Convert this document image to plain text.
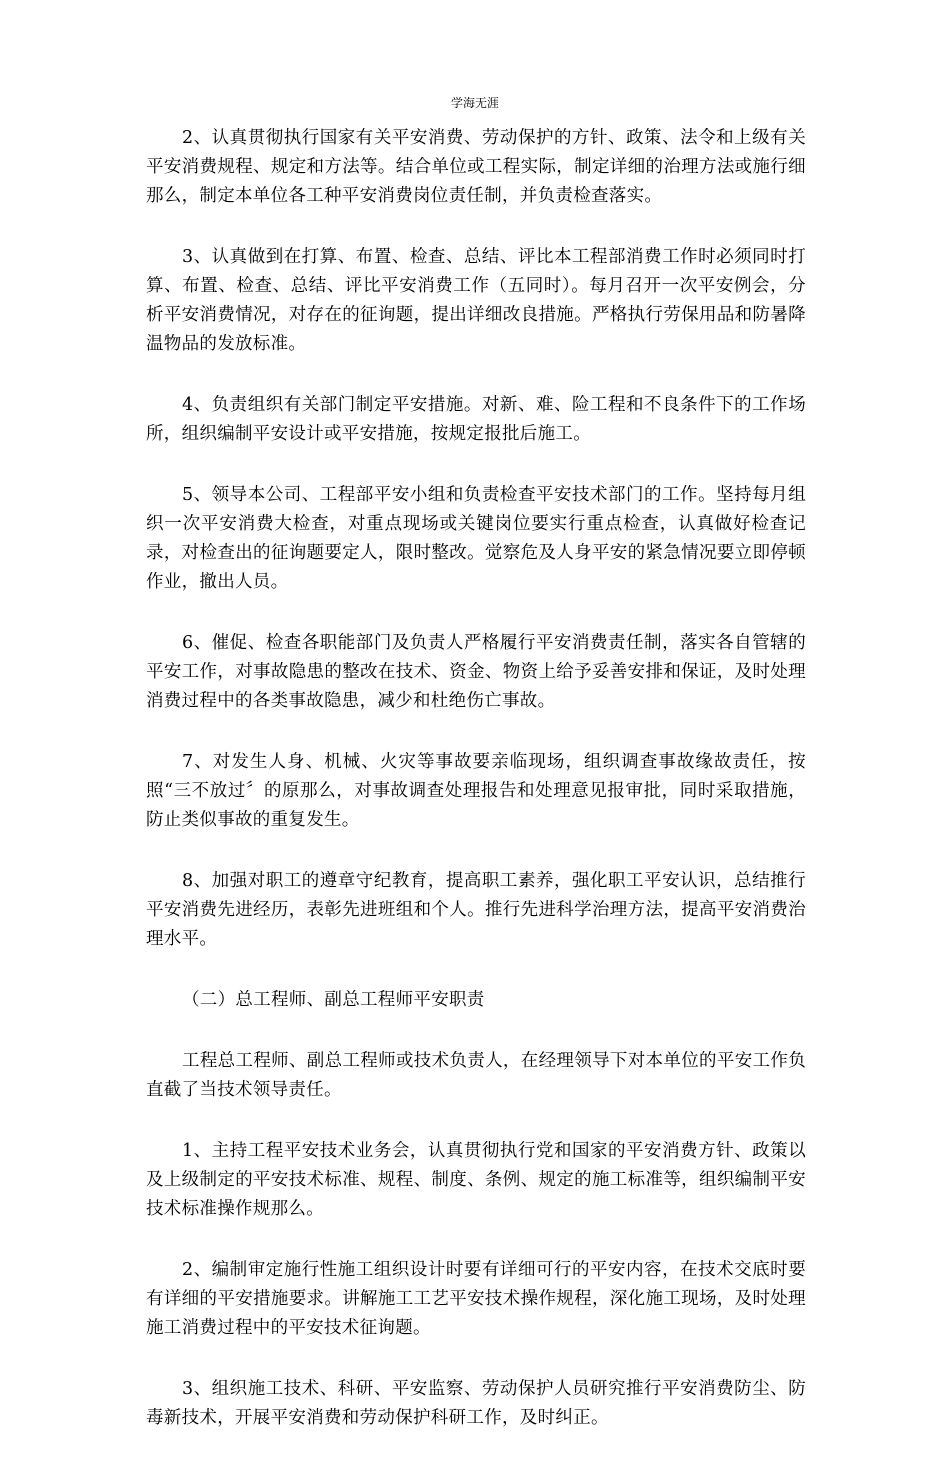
学海无涯

2、认真贯彻执行国家有关平安消费、劳动保护的方针、政策、法令和上级有关平安消费规程、规定和方法等。结合单位或工程实际，制定详细的治理方法或施行细那么，制定本单位各工种平安消费岗位责任制，并负责检查落实。

3、认真做到在打算、布置、检查、总结、评比本工程部消费工作时必须同时打算、布置、检查、总结、评比平安消费工作（五同时）。每月召开一次平安例会，分析平安消费情况，对存在的征询题，提出详细改良措施。严格执行劳保用品和防暑降温物品的发放标准。

4、负责组织有关部门制定平安措施。对新、难、险工程和不良条件下的工作场所，组织编制平安设计或平安措施，按规定报批后施工。

5、领导本公司、工程部平安小组和负责检查平安技术部门的工作。坚持每月组织一次平安消费大检查，对重点现场或关键岗位要实行重点检查，认真做好检查记录，对检查出的征询题要定人，限时整改。觉察危及人身平安的紧急情况要立即停顿作业，撤出人员。

6、催促、检查各职能部门及负责人严格履行平安消费责任制，落实各自管辖的平安工作，对事故隐患的整改在技术、资金、物资上给予妥善安排和保证，及时处理消费过程中的各类事故隐患，减少和杜绝伤亡事故。

7、对发生人身、机械、火灾等事故要亲临现场，组织调查事故缘故责任，按照“三不放过〞的原那么，对事故调查处理报告和处理意见报审批，同时采取措施，防止类似事故的重复发生。

8、加强对职工的遵章守纪教育，提高职工素养，强化职工平安认识，总结推行平安消费先进经历，表彰先进班组和个人。推行先进科学治理方法，提高平安消费治理水平。

（二）总工程师、副总工程师平安职责

工程总工程师、副总工程师或技术负责人，在经理领导下对本单位的平安工作负直截了当技术领导责任。

1、主持工程平安技术业务会，认真贯彻执行党和国家的平安消费方针、政策以及上级制定的平安技术标准、规程、制度、条例、规定的施工标准等，组织编制平安技术标准操作规那么。

2、编制审定施行性施工组织设计时要有详细可行的平安内容，在技术交底时要有详细的平安措施要求。讲解施工工艺平安技术操作规程，深化施工现场，及时处理施工消费过程中的平安技术征询题。

3、组织施工技术、科研、平安监察、劳动保护人员研究推行平安消费防尘、防毒新技术，开展平安消费和劳动保护科研工作，及时纠正。
